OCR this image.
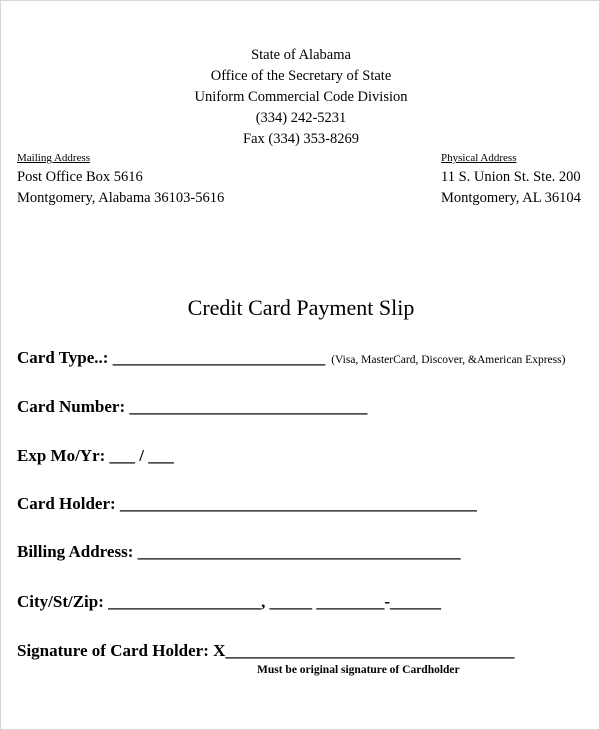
State of Alabama
Office of the Secretary of State
Uniform Commercial Code Division
(334) 242-5231
Fax (334) 353-8269
Mailing Address
Post Office Box 5616
Montgomery, Alabama 36103-5616
Physical Address
11 S. Union St. Ste. 200
Montgomery, AL 36104
Credit Card Payment Slip
Card Type..: _________________________ (Visa, MasterCard, Discover, &American Express)
Card Number: ____________________________
Exp Mo/Yr: ___ / ___
Card Holder: __________________________________________
Billing Address: ______________________________________
City/St/Zip: __________________, _____ ________-______
Signature of Card Holder: X__________________________________
Must be original signature of Cardholder
